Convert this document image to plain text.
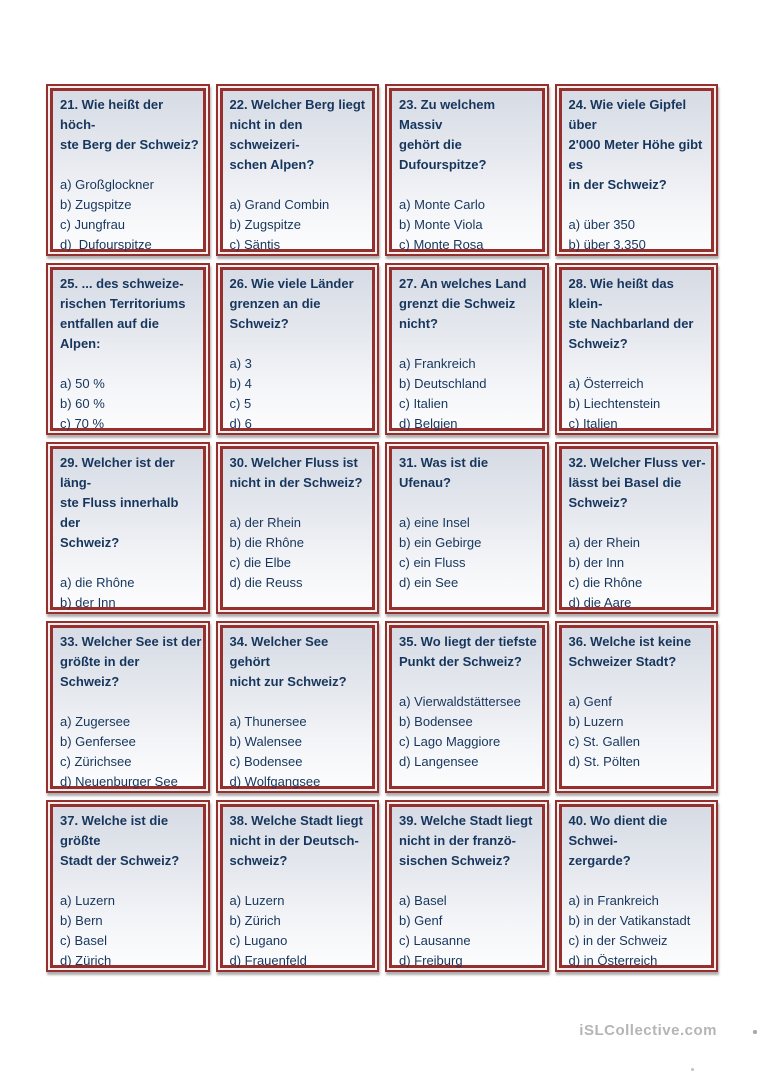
21. Wie heißt der höch-
ste Berg der Schweiz?
a) Großglockner
b) Zugspitze
c) Jungfrau
d)  Dufourspitze
22. Welcher Berg liegt
nicht in den schweizeri-
schen Alpen?
a) Grand Combin
b) Zugspitze
c) Säntis
23. Zu welchem Massiv
gehört die Dufourspitze?
a) Monte Carlo
b) Monte Viola
c) Monte Rosa
24. Wie viele Gipfel über
2'000 Meter Höhe gibt es
in der Schweiz?
a) über 350
b) über 3.350
25. ... des schweize-
rischen Territoriums
entfallen auf die Alpen:
a) 50 %
b) 60 %
c) 70 %
26. Wie viele Länder
grenzen an die Schweiz?
a) 3
b) 4
c) 5
d) 6
27. An welches Land
grenzt die Schweiz nicht?
a) Frankreich
b) Deutschland
c) Italien
d) Belgien
28. Wie heißt das klein-
ste Nachbarland der
Schweiz?
a) Österreich
b) Liechtenstein
c) Italien
29. Welcher ist der läng-
ste Fluss innerhalb der
Schweiz?
a) die Rhône
b) der Inn
30. Welcher Fluss ist
nicht in der Schweiz?
a) der Rhein
b) die Rhône
c) die Elbe
d) die Reuss
31. Was ist die Ufenau?
a) eine Insel
b) ein Gebirge
c) ein Fluss
d) ein See
32. Welcher Fluss ver-
lässt bei Basel die
Schweiz?
a) der Rhein
b) der Inn
c) die Rhône
d) die Aare
33. Welcher See ist der
größte in der Schweiz?
a) Zugersee
b) Genfersee
c) Zürichsee
d) Neuenburger See
34. Welcher See gehört
nicht zur Schweiz?
a) Thunersee
b) Walensee
c) Bodensee
d) Wolfgangsee
35. Wo liegt der tiefste
Punkt der Schweiz?
a) Vierwaldstättersee
b) Bodensee
c) Lago Maggiore
d) Langensee
36. Welche ist keine
Schweizer Stadt?
a) Genf
b) Luzern
c) St. Gallen
d) St. Pölten
37. Welche ist die größte
Stadt der Schweiz?
a) Luzern
b) Bern
c) Basel
d) Zürich
38. Welche Stadt liegt
nicht in der Deutsch-
schweiz?
a) Luzern
b) Zürich
c) Lugano
d) Frauenfeld
39. Welche Stadt liegt
nicht in der franzö-
sischen Schweiz?
a) Basel
b) Genf
c) Lausanne
d) Freiburg
40. Wo dient die Schwei-
zergarde?
a) in Frankreich
b) in der Vatikanstadt
c) in der Schweiz
d) in Österreich
iSLCollective.com
